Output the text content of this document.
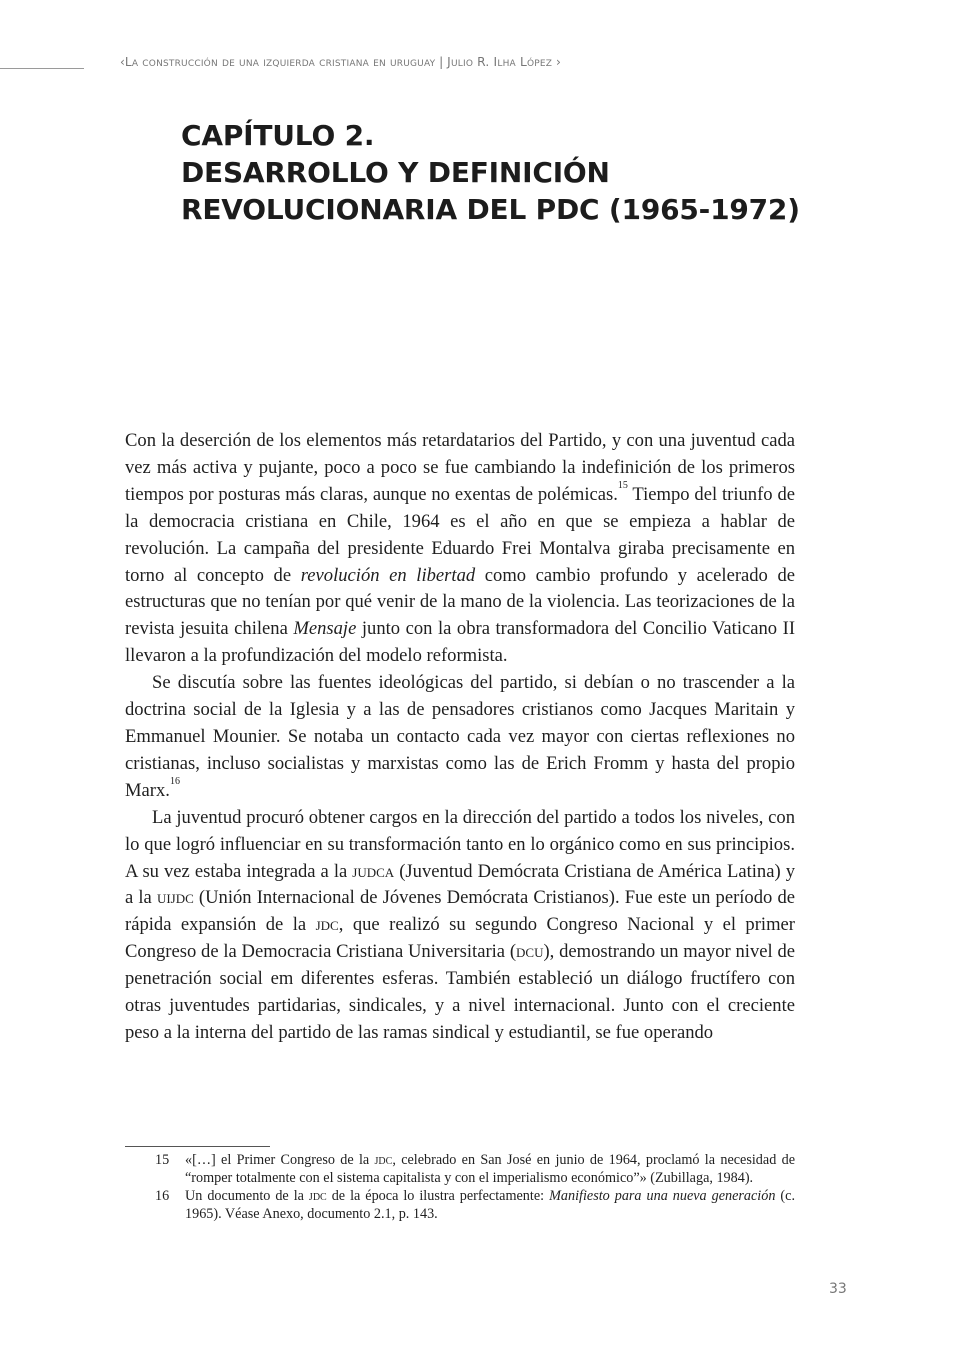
‹La construcción de una izquierda cristiana en uruguay | Julio R. Ilha López ›
CAPÍTULO 2.
DESARROLLO Y DEFINICIÓN
REVOLUCIONARIA DEL PDC (1965-1972)

Con la deserción de los elementos más retardatarios del Partido, y con una juventud cada vez más activa y pujante, poco a poco se fue cambiando la indefinición de los primeros tiempos por posturas más claras, aunque no exentas de polémicas.$^{15}$ Tiempo del triunfo de la democracia cristiana en Chile, 1964 es el año en que se empieza a hablar de revolución. La campaña del presidente Eduardo Frei Montalva giraba precisamente en torno al concepto de revolución en libertad como cambio profundo y acelerado de estructuras que no tenían por qué venir de la mano de la violencia. Las teorizaciones de la revista jesuita chilena Mensaje junto con la obra transformadora del Concilio Vaticano II llevaron a la profundización del modelo reformista.

Se discutía sobre las fuentes ideológicas del partido, si debían o no trascender a la doctrina social de la Iglesia y a las de pensadores cristianos como Jacques Maritain y Emmanuel Mounier. Se notaba un contacto cada vez mayor con ciertas reflexiones no cristianas, incluso socialistas y marxistas como las de Erich Fromm y hasta del propio Marx.$^{16}$

La juventud procuró obtener cargos en la dirección del partido a todos los niveles, con lo que logró influenciar en su transformación tanto en lo orgánico como en sus principios. A su vez estaba integrada a la judca (Juventud Demócrata Cristiana de América Latina) y a la uijdc (Unión Internacional de Jóvenes Demócrata Cristianos). Fue este un período de rápida expansión de la jdc, que realizó su segundo Congreso Nacional y el primer Congreso de la Democracia Cristiana Universitaria (dcu), demostrando un mayor nivel de penetración social em diferentes esferas. También estableció un diálogo fructífero con otras juventudes partidarias, sindicales, y a nivel internacional. Junto con el creciente peso a la interna del partido de las ramas sindical y estudiantil, se fue operando

15 «[…] el Primer Congreso de la jdc, celebrado en San José en junio de 1964, proclamó la necesidad de “romper totalmente con el sistema capitalista y con el imperialismo económico”» (Zubillaga, 1984).
16 Un documento de la jdc de la época lo ilustra perfectamente: Manifiesto para una nueva generación (c. 1965). Véase Anexo, documento 2.1, p. 143.
33
